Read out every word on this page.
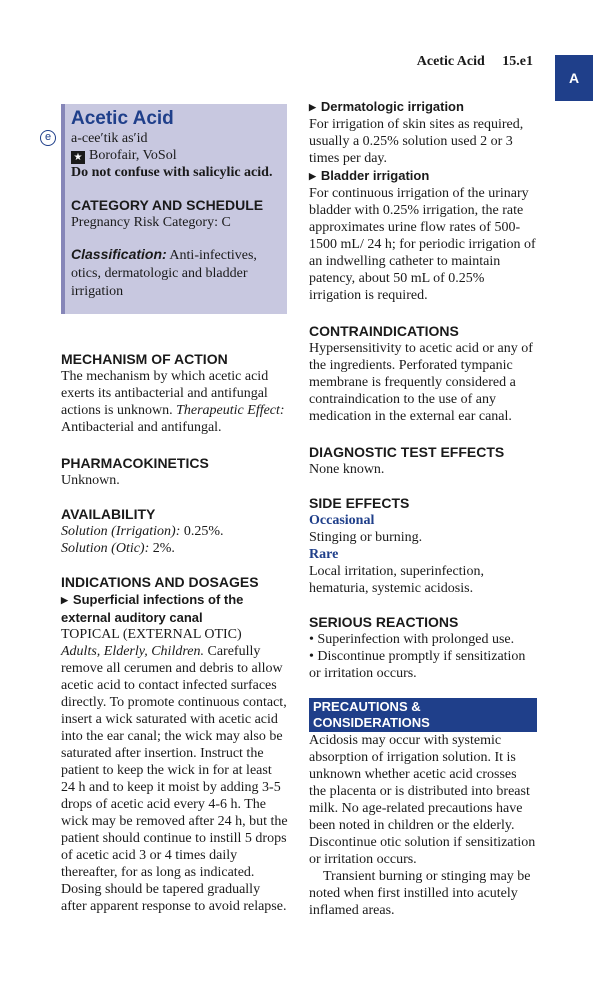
Acetic Acid 15.e1
A
e
Acetic Acid
a-cee′tik as′id
★ Borofair, VoSol
Do not confuse with salicylic acid.
CATEGORY AND SCHEDULE
Pregnancy Risk Category: C
Classification: Anti-infectives, otics, dermatologic and bladder irrigation
MECHANISM OF ACTION

The mechanism by which acetic acid exerts its antibacterial and antifungal actions is unknown. Therapeutic Effect: Antibacterial and antifungal.

PHARMACOKINETICS

Unknown.

AVAILABILITY

Solution (Irrigation): 0.25%.

Solution (Otic): 2%.

INDICATIONS AND DOSAGES
▶ Superficial infections of the external auditory canal

TOPICAL (EXTERNAL OTIC)

Adults, Elderly, Children. Carefully remove all cerumen and debris to allow acetic acid to contact infected surfaces directly. To promote continuous contact, insert a wick saturated with acetic acid into the ear canal; the wick may also be saturated after insertion. Instruct the patient to keep the wick in for at least 24 h and to keep it moist by adding 3-5 drops of acetic acid every 4-6 h. The wick may be removed after 24 h, but the patient should continue to instill 5 drops of acetic acid 3 or 4 times daily thereafter, for as long as indicated. Dosing should be tapered gradually after apparent response to avoid relapse.

▶ Dermatologic irrigation

For irrigation of skin sites as required, usually a 0.25% solution used 2 or 3 times per day.

▶ Bladder irrigation

For continuous irrigation of the urinary bladder with 0.25% irrigation, the rate approximates urine flow rates of 500-1500 mL/ 24 h; for periodic irrigation of an indwelling catheter to maintain patency, about 50 mL of 0.25% irrigation is required.

CONTRAINDICATIONS

Hypersensitivity to acetic acid or any of the ingredients. Perforated tympanic membrane is frequently considered a contraindication to the use of any medication in the external ear canal.

DIAGNOSTIC TEST EFFECTS

None known.

SIDE EFFECTS
Occasional

Stinging or burning.

Rare

Local irritation, superinfection, hematuria, systemic acidosis.

SERIOUS REACTIONS
• Superinfection with prolonged use.
• Discontinue promptly if sensitization or irritation occurs.
PRECAUTIONS & CONSIDERATIONS

Acidosis may occur with systemic absorption of irrigation solution. It is unknown whether acetic acid crosses the placenta or is distributed into breast milk. No age-related precautions have been noted in children or the elderly. Discontinue otic solution if sensitization or irritation occurs.

Transient burning or stinging may be noted when first instilled into acutely inflamed areas.
